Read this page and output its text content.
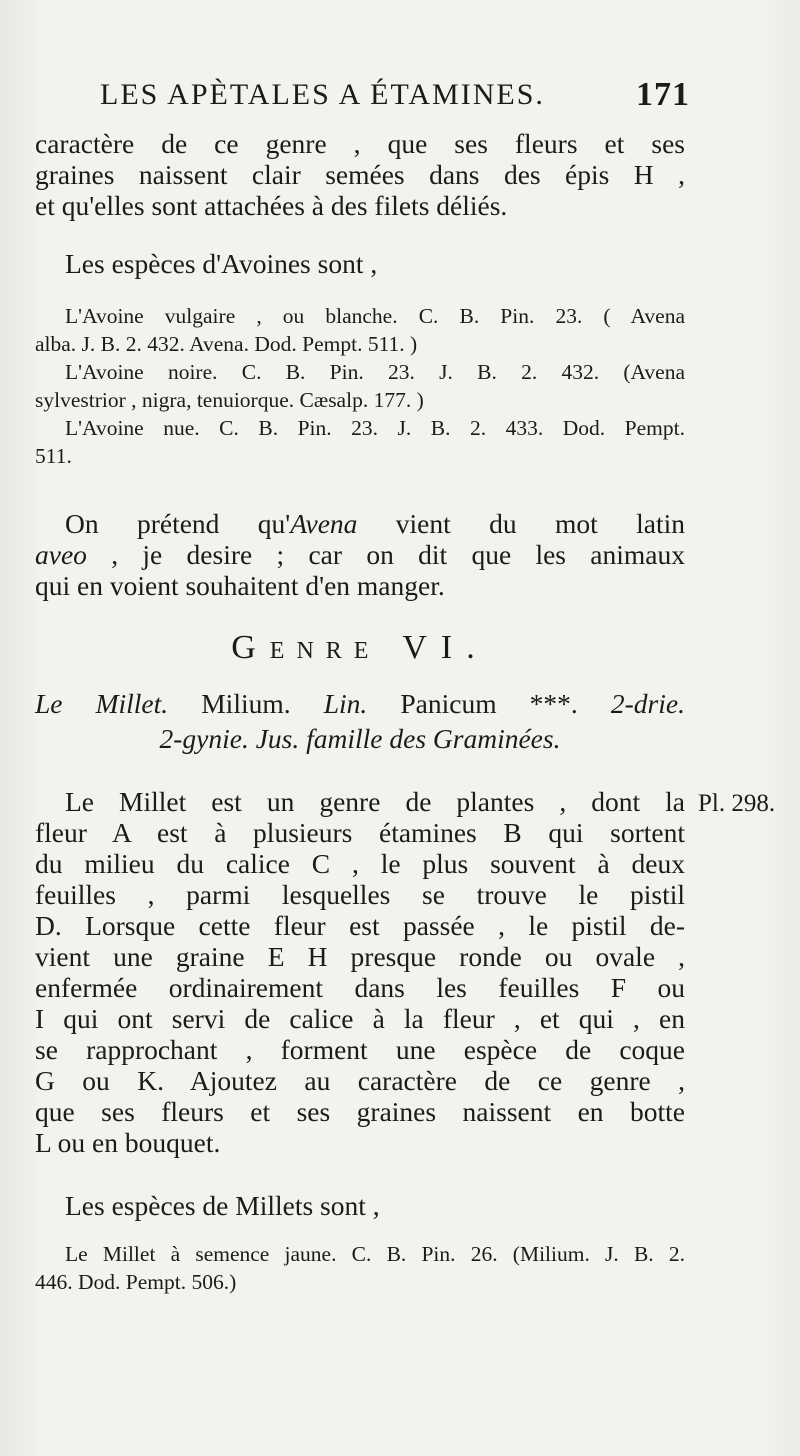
LES APÈTALES A ÉTAMINES.	171
caractère de ce genre , que ses fleurs et ses
graines naissent clair semées dans des épis H ,
et qu'elles sont attachées à des filets déliés.
Les espèces d'Avoines sont ,
L'Avoine vulgaire , ou blanche. C. B. Pin. 23. ( Avena
alba. J. B. 2. 432. Avena. Dod. Pempt. 511. )
L'Avoine noire. C. B. Pin. 23. J. B. 2. 432. (Avena
sylvestrior , nigra, tenuiorque. Cæsalp. 177. )
L'Avoine nue. C. B. Pin. 23. J. B. 2. 433. Dod. Pempt.
511.
On prétend qu'Avena vient du mot latin
aveo , je desire ; car on dit que les animaux
qui en voient souhaitent d'en manger.
GENRE VI.
Le Millet. Milium. Lin. Panicum ***. 2-drie.
2-gynie. Jus. famille des Graminées.
Pl. 298.
Le Millet est un genre de plantes , dont la
fleur A est à plusieurs étamines B qui sortent
du milieu du calice C , le plus souvent à deux
feuilles , parmi lesquelles se trouve le pistil
D. Lorsque cette fleur est passée , le pistil de-
vient une graine E H presque ronde ou ovale ,
enfermée ordinairement dans les feuilles F ou
I qui ont servi de calice à la fleur , et qui , en
se rapprochant , forment une espèce de coque
G ou K. Ajoutez au caractère de ce genre ,
que ses fleurs et ses graines naissent en botte
L ou en bouquet.
Les espèces de Millets sont ,
Le Millet à semence jaune. C. B. Pin. 26. (Milium. J. B. 2.
446. Dod. Pempt. 506.)
